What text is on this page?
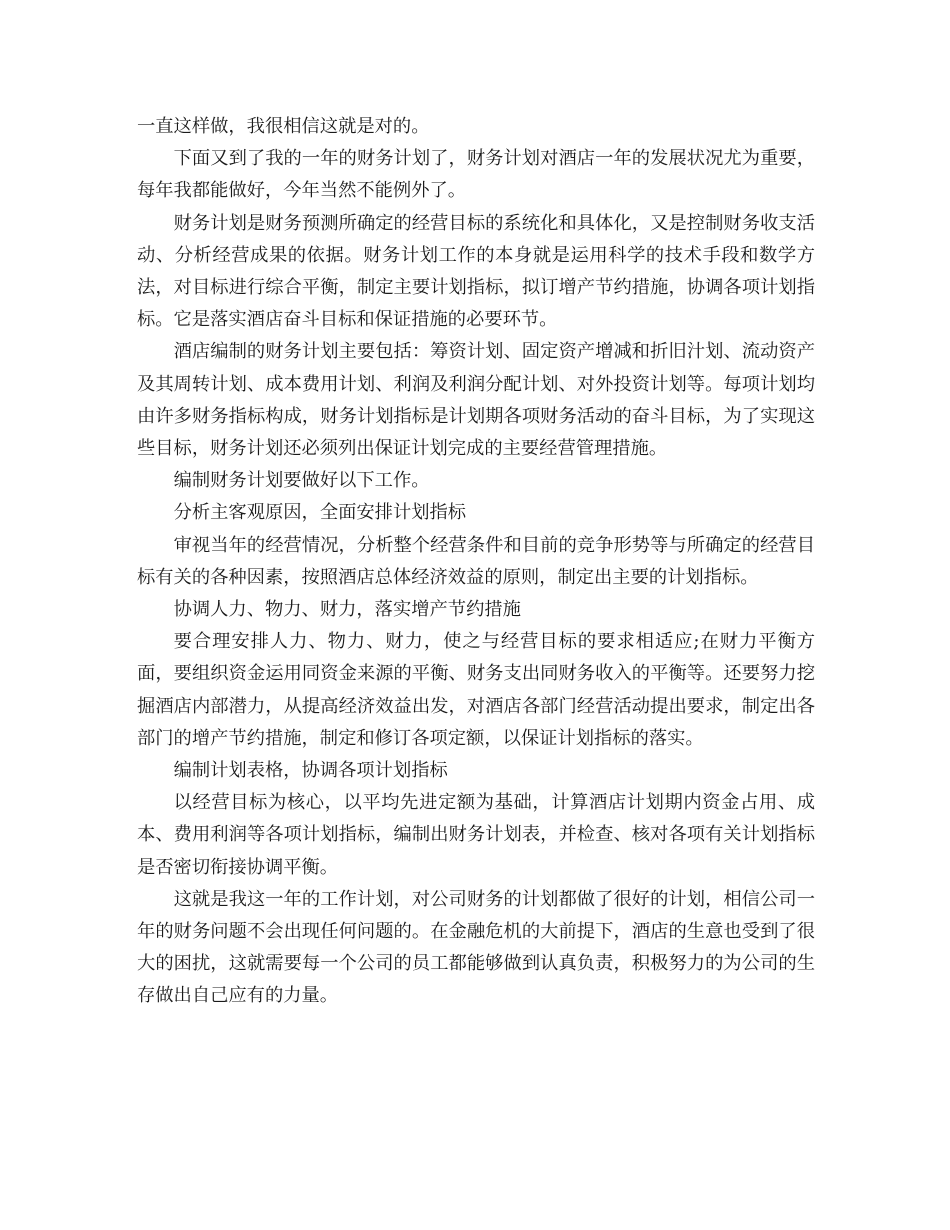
一直这样做，我很相信这就是对的。

下面又到了我的一年的财务计划了，财务计划对酒店一年的发展状况尤为重要，每年我都能做好，今年当然不能例外了。

财务计划是财务预测所确定的经营目标的系统化和具体化，又是控制财务收支活动、分析经营成果的依据。财务计划工作的本身就是运用科学的技术手段和数学方法，对目标进行综合平衡，制定主要计划指标，拟订增产节约措施，协调各项计划指标。它是落实酒店奋斗目标和保证措施的必要环节。

酒店编制的财务计划主要包括：筹资计划、固定资产增减和折旧汁划、流动资产及其周转计划、成本费用计划、利润及利润分配计划、对外投资计划等。每项计划均由许多财务指标构成，财务计划指标是计划期各项财务活动的奋斗目标，为了实现这些目标，财务计划还必须列出保证计划完成的主要经营管理措施。

编制财务计划要做好以下工作。

分析主客观原因，全面安排计划指标

审视当年的经营情况，分析整个经营条件和目前的竞争形势等与所确定的经营目标有关的各种因素，按照酒店总体经济效益的原则，制定出主要的计划指标。

协调人力、物力、财力，落实增产节约措施

要合理安排人力、物力、财力，使之与经营目标的要求相适应;在财力平衡方面，要组织资金运用同资金来源的平衡、财务支出同财务收入的平衡等。还要努力挖掘酒店内部潜力，从提高经济效益出发，对酒店各部门经营活动提出要求，制定出各部门的增产节约措施，制定和修订各项定额，以保证计划指标的落实。

编制计划表格，协调各项计划指标

以经营目标为核心，以平均先进定额为基础，计算酒店计划期内资金占用、成本、费用利润等各项计划指标，编制出财务计划表，并检查、核对各项有关计划指标是否密切衔接协调平衡。

这就是我这一年的工作计划，对公司财务的计划都做了很好的计划，相信公司一年的财务问题不会出现任何问题的。在金融危机的大前提下，酒店的生意也受到了很大的困扰，这就需要每一个公司的员工都能够做到认真负责，积极努力的为公司的生存做出自己应有的力量。
